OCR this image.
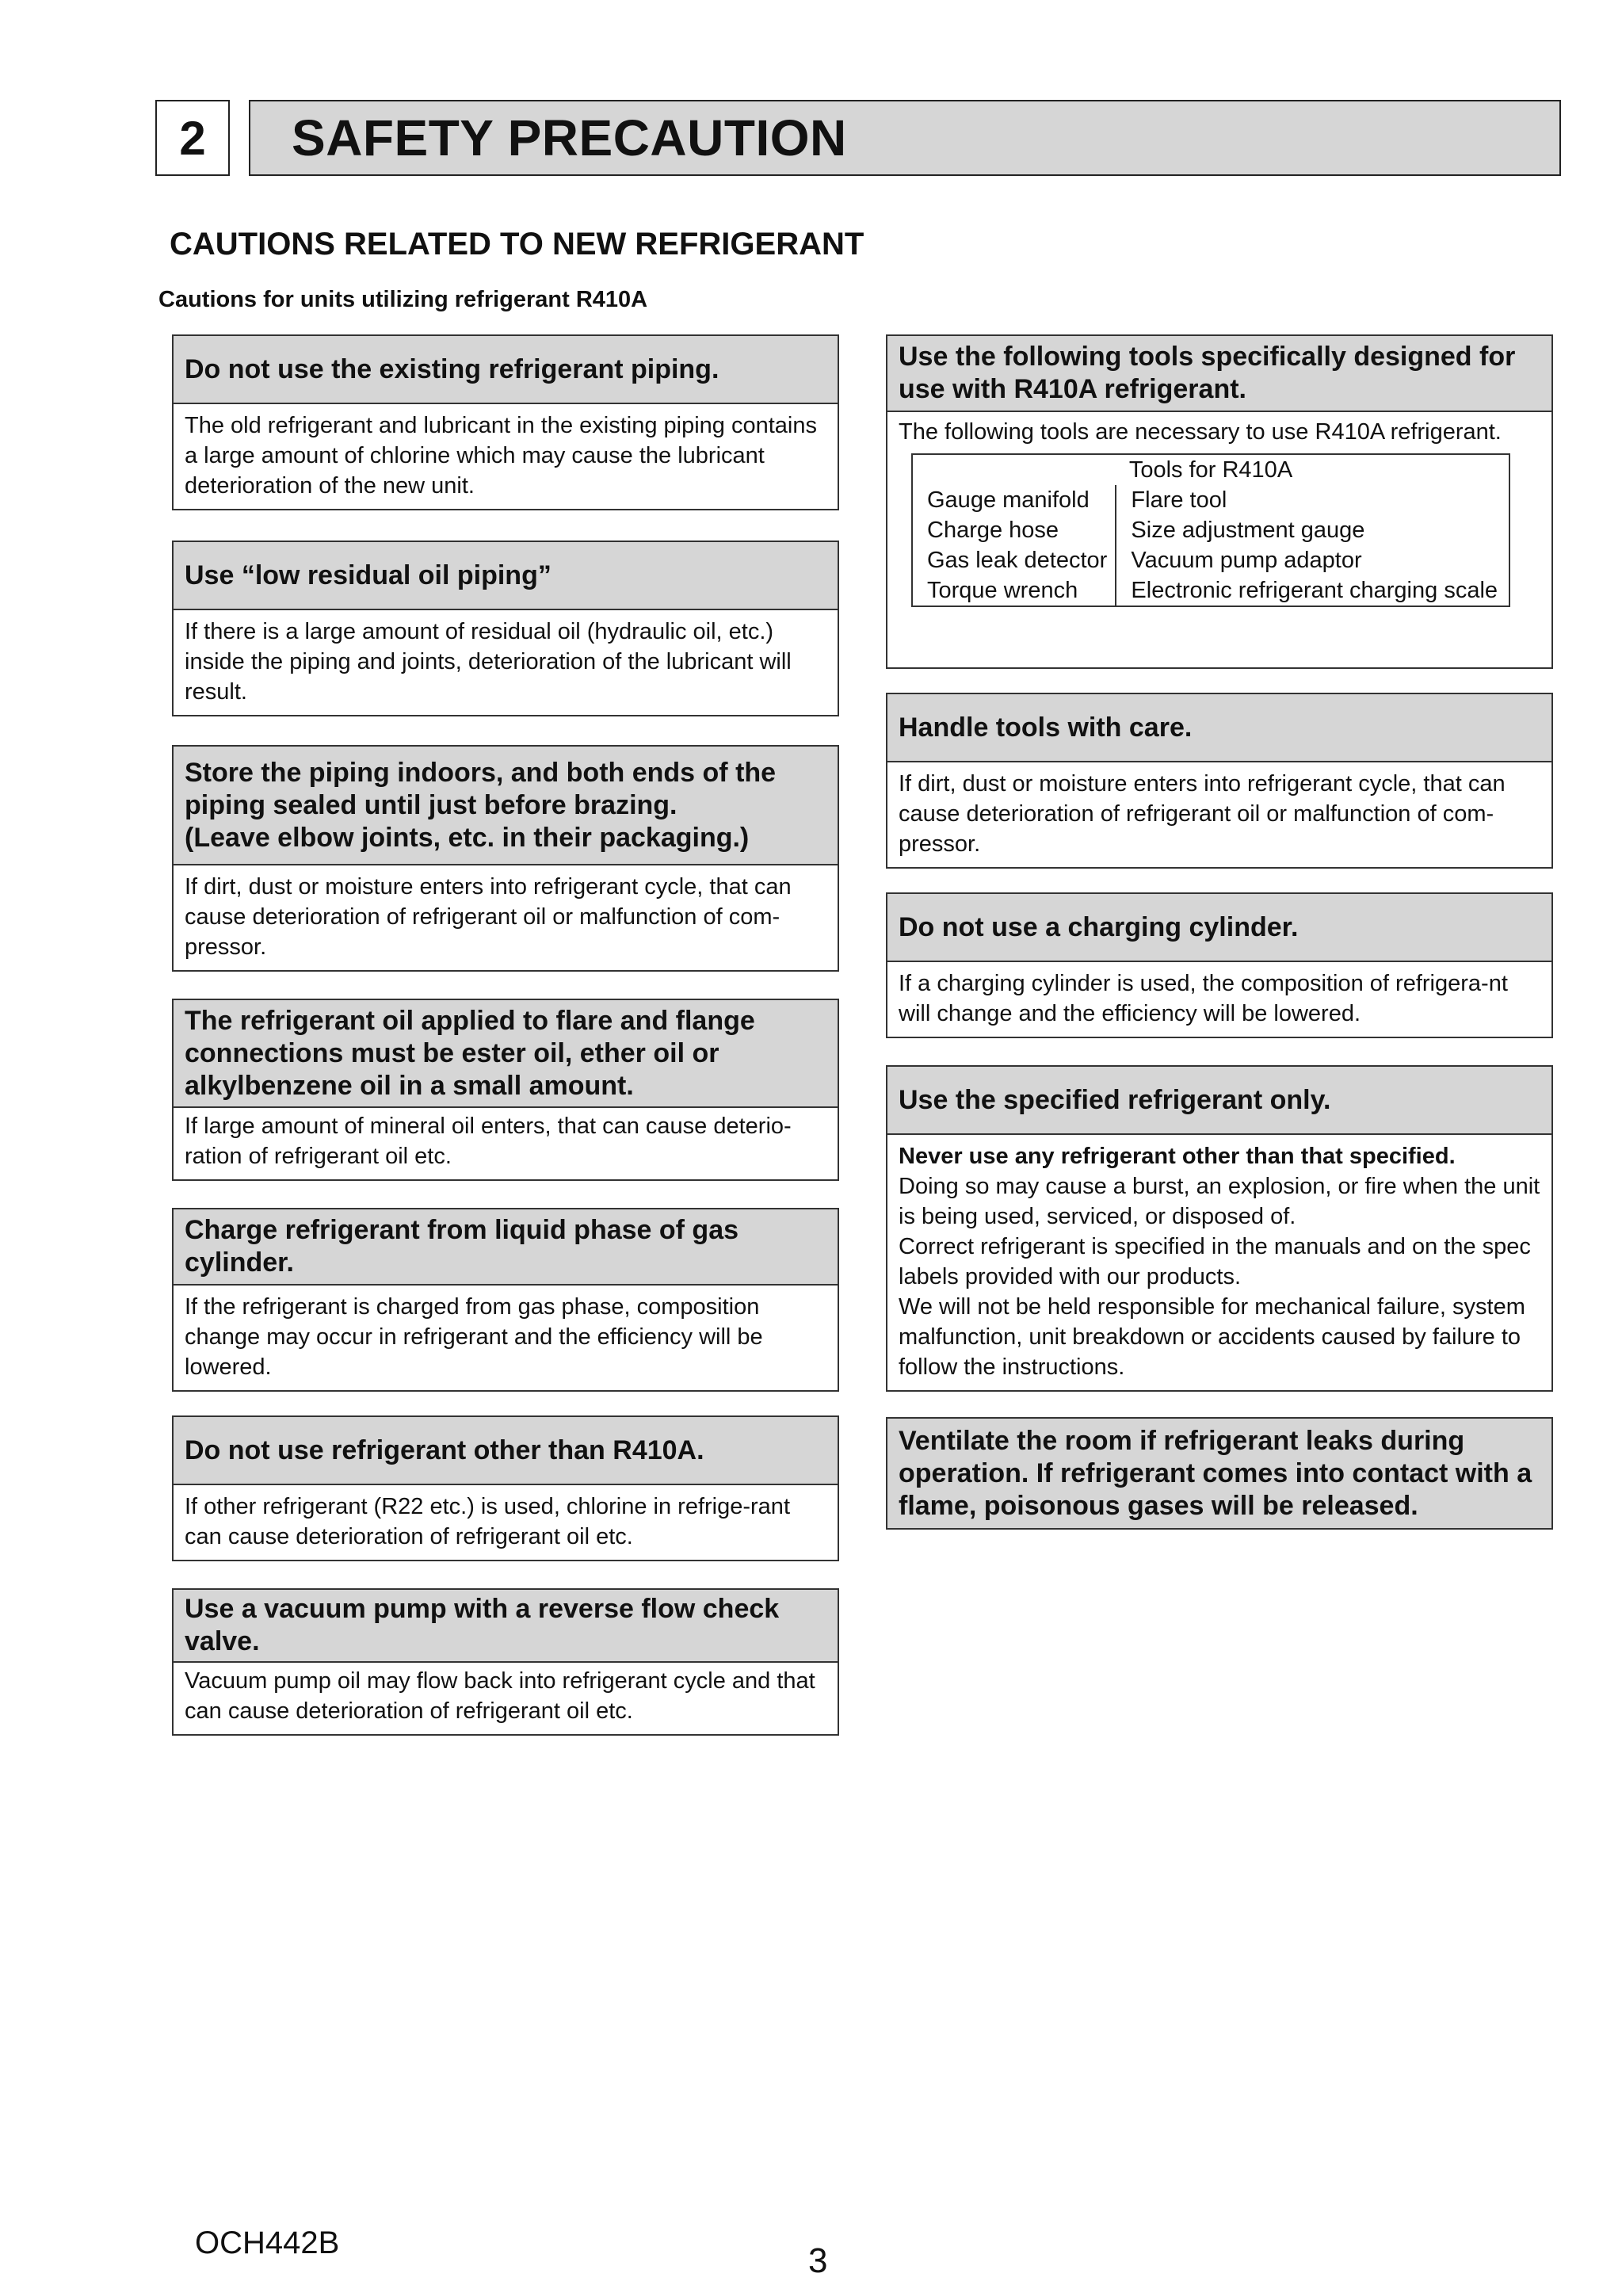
2 SAFETY PRECAUTION
CAUTIONS RELATED TO NEW REFRIGERANT
Cautions for units utilizing refrigerant R410A
Do not use the existing refrigerant piping.
The old refrigerant and lubricant in the existing piping contains a large amount of chlorine which may cause the lubricant deterioration of the new unit.
Use “low residual oil piping”
If there is a large amount of residual oil (hydraulic oil, etc.) inside the piping and joints, deterioration of the lubricant will result.
Store the piping indoors, and both ends of the
piping sealed until just before brazing.
(Leave elbow joints, etc. in their packaging.)
If dirt, dust or moisture enters into refrigerant cycle, that can cause deterioration of refrigerant oil or malfunction of com-pressor.
The refrigerant oil applied to flare and flange connections must be ester oil, ether oil or alkylbenzene oil in a small amount.
If large amount of mineral oil enters, that can cause deterio-ration of refrigerant oil etc.
Charge refrigerant from liquid phase of gas cylinder.
If the refrigerant is charged from gas phase, composition change may occur in refrigerant and the efficiency will be lowered.
Do not use refrigerant other than R410A.
If other refrigerant (R22 etc.) is used, chlorine in refrige-rant can cause deterioration of refrigerant oil etc.
Use a vacuum pump with a reverse flow check valve.
Vacuum pump oil may flow back into refrigerant cycle and that can cause deterioration of refrigerant oil etc.
Use the following tools specifically designed for use with R410A refrigerant.
The following tools are necessary to use R410A refrigerant.
Tools for R410A	
Gauge manifold	Flare tool
Charge hose	Size adjustment gauge
Gas leak detector	Vacuum pump adaptor
Torque wrench	Electronic refrigerant charging scale
Handle tools with care.
If dirt, dust or moisture enters into refrigerant cycle, that can cause deterioration of refrigerant oil or malfunction of com-pressor.
Do not use a charging cylinder.
If a charging cylinder is used, the composition of refrigera-nt will change and the efficiency will be lowered.
Use the specified refrigerant only.

Never use any refrigerant other than that specified.

Doing so may cause a burst, an explosion, or fire when the unit is being used, serviced, or disposed of.

Correct refrigerant is specified in the manuals and on the spec labels provided with our products.

We will not be held responsible for mechanical failure, system malfunction, unit breakdown or accidents caused by failure to follow the instructions.

Ventilate the room if refrigerant leaks during operation. If refrigerant comes into contact with a flame, poisonous gases will be released.
OCH442B	3
